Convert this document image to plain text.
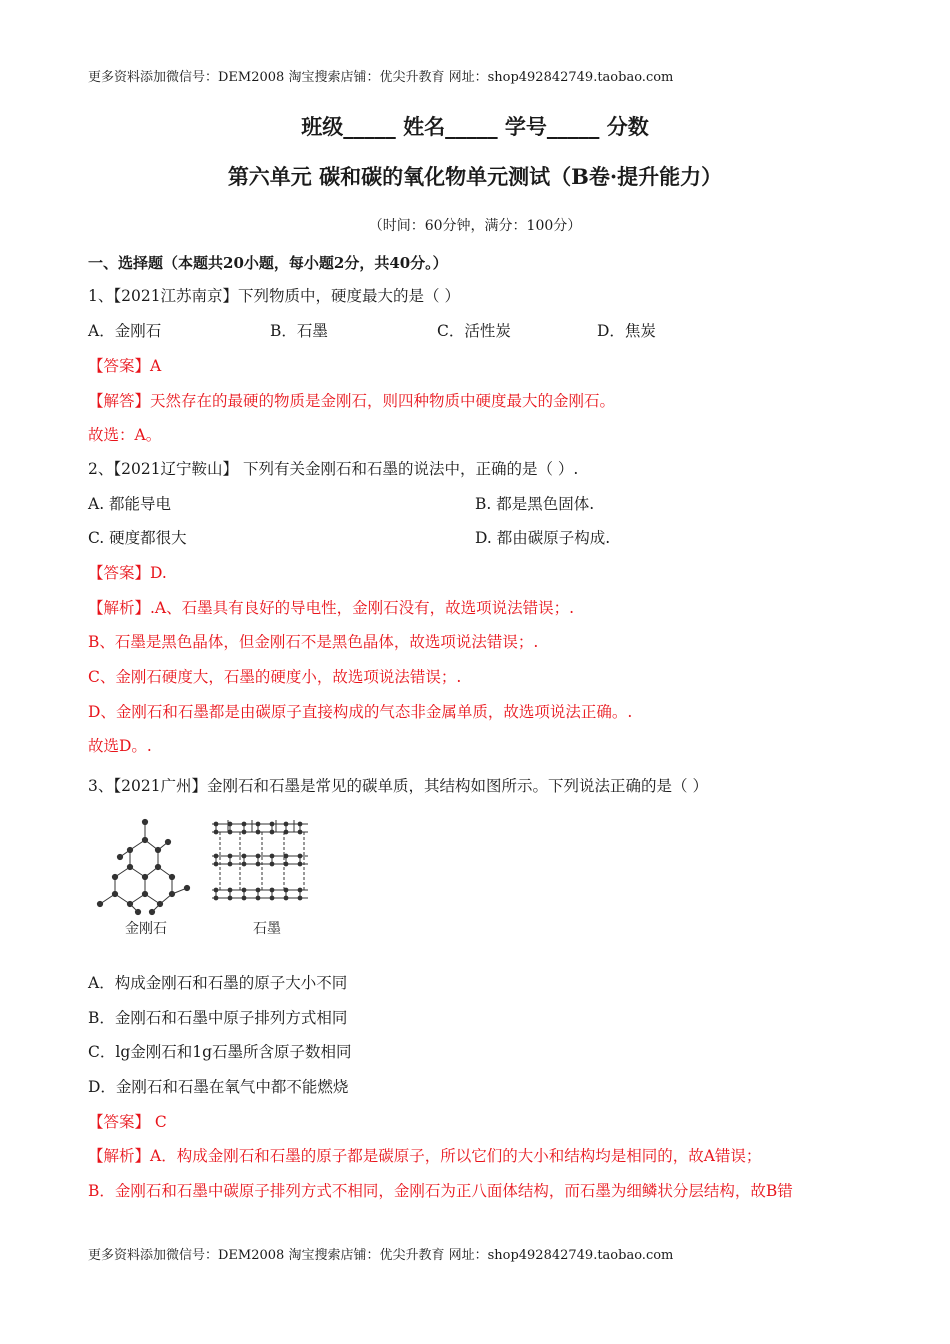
更多资料添加微信号：DEM2008 淘宝搜索店铺：优尖升教育 网址：shop492842749.taobao.com
班级_____ 姓名_____ 学号_____ 分数
第六单元 碳和碳的氧化物单元测试（B卷·提升能力）
（时间：60分钟，满分：100分）
一、选择题（本题共20小题，每小题2分，共40分。）
1、【2021江苏南京】下列物质中，硬度最大的是（ ）
A．金刚石	B．石墨	C．活性炭	D．焦炭
【答案】A
【解答】天然存在的最硬的物质是金刚石，则四种物质中硬度最大的金刚石。
故选：A。
2、【2021辽宁鞍山】 下列有关金刚石和石墨的说法中，正确的是（ ）.
A. 都能导电	B. 都是黑色固体.
C. 硬度都很大	D. 都由碳原子构成.
【答案】D.
【解析】.A、石墨具有良好的导电性，金刚石没有，故选项说法错误；.
B、石墨是黑色晶体，但金刚石不是黑色晶体，故选项说法错误；.
C、金刚石硬度大，石墨的硬度小，故选项说法错误；.
D、金刚石和石墨都是由碳原子直接构成的气态非金属单质，故选项说法正确。.
故选D。.
3、【2021广州】金刚石和石墨是常见的碳单质，其结构如图所示。下列说法正确的是（ ）
金刚石	石墨
A．构成金刚石和石墨的原子大小不同
B．金刚石和石墨中原子排列方式相同
C．lg金刚石和1g石墨所含原子数相同
D．金刚石和石墨在氧气中都不能燃烧
【答案】 C
【解析】A．构成金刚石和石墨的原子都是碳原子，所以它们的大小和结构均是相同的，故A错误；
B．金刚石和石墨中碳原子排列方式不相同，金刚石为正八面体结构，而石墨为细鳞状分层结构，故B错
更多资料添加微信号：DEM2008 淘宝搜索店铺：优尖升教育 网址：shop492842749.taobao.com
